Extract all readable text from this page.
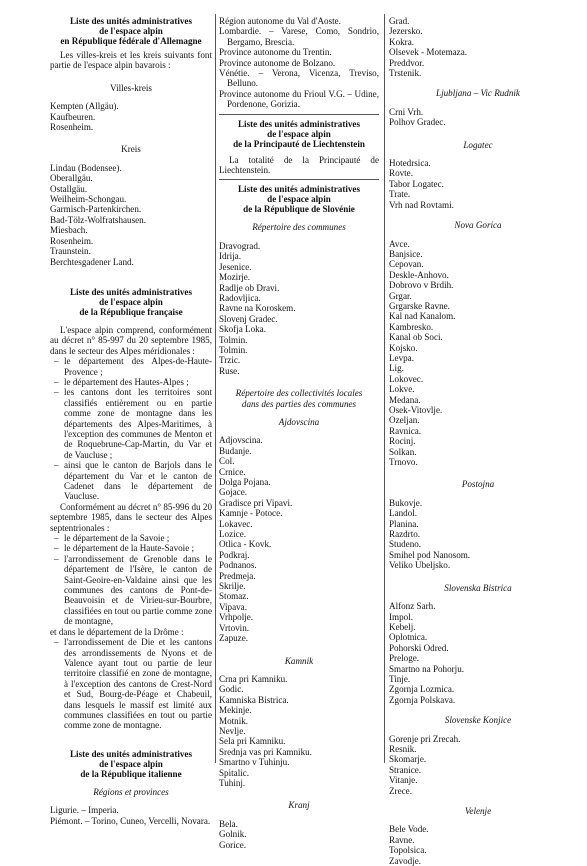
Liste des unités administratives
de l'espace alpin
en République fédérale d'Allemagne
Les villes-kreis et les kreis suivants font partie de l'espace alpin bavarois :
Villes-kreis
Kempten (Allgäu).
Kaufbeuren.
Rosenheim.
Kreis
Lindau (Bodensee).
Oberallgäu.
Ostallgäu.
Weilheim-Schongau.
Garmisch-Partenkirchen.
Bad-Tölz-Wolfratshausen.
Miesbach.
Rosenheim.
Traunstein.
Berchtesgadener Land.
Liste des unités administratives
de l'espace alpin
de la République française
L'espace alpin comprend, conformément au décret n° 85-997 du 20 septembre 1985, dans le secteur des Alpes méridionales :
– le département des Alpes-de-Haute-Provence ;
– le département des Hautes-Alpes ;
– les cantons dont les territoires sont classifiés entièrement ou en partie comme zone de montagne dans les départements des Alpes-Maritimes, à l'exception des communes de Menton et de Roquebrune-Cap-Martin, du Var et de Vaucluse ;
– ainsi que le canton de Barjols dans le département du Var et le canton de Cadenet dans le département de Vaucluse.
Conformément au décret n° 85-996 du 20 septembre 1985, dans le secteur des Alpes septentrionales :
– le département de la Savoie ;
– le département de la Haute-Savoie ;
– l'arrondissement de Grenoble dans le département de l'Isère, le canton de Saint-Geoire-en-Valdaine ainsi que les communes des cantons de Pont-de-Beauvoisin et de Virieu-sur-Bourbre, classifiées en tout ou partie comme zone de montagne,
et dans le département de la Drôme :
– l'arrondissement de Die et les cantons des arrondissements de Nyons et de Valence ayant tout ou partie de leur territoire classifié en zone de montagne, à l'exception des cantons de Crest-Nord et Sud, Bourg-de-Péage et Chabeuil, dans lesquels le massif est limité aux communes classifiées en tout ou partie comme zone de montagne.
Liste des unités administratives
de l'espace alpin
de la République italienne
Régions et provinces
Ligurie. – Imperia.
Piémont. – Torino, Cuneo, Vercelli, Novara.
Région autonome du Val d'Aoste.
Lombardie. – Varese, Como, Sondrio, Bergamo, Brescia.
Province autonome du Trentin.
Province autonome de Bolzano.
Vénétie. – Verona, Vicenza, Treviso, Belluno.
Province autonome du Frioul V.G. – Udine, Pordenone, Gorizia.
Liste des unités administratives
de l'espace alpin
de la Principauté de Liechtenstein
La totalité de la Principauté de Liechtenstein.
Liste des unités administratives
de l'espace alpin
de la République de Slovénie
Répertoire des communes
Dravograd.
Idrija.
Jesenice.
Mozirje.
Radlje ob Dravi.
Radovljica.
Ravne na Koroskem.
Slovenj Gradec.
Skofja Loka.
Tolmin.
Tolmin.
Trzic.
Ruse.
Répertoire des collectivités locales
dans des parties des communes
Ajdovscina
Adjovscina.
Budanje.
Col.
Crnice.
Dolga Pojana.
Gojace.
Gradisce pri Vipavi.
Kamnje - Potoce.
Lokavec.
Lozice.
Otlica - Kovk.
Podkraj.
Podnanos.
Predmeja.
Skrilje.
Stomaz.
Vipava.
Vrhpolje.
Vrtovin.
Zapuze.
Kamnik
Crna pri Kamniku.
Godic.
Kamniska Bistrica.
Mekinje.
Motnik.
Nevlje.
Sela pri Kamniku.
Srednja vas pri Kamniku.
Smartno v Tuhinju.
Spitalic.
Tuhinj.
Kranj
Bela.
Golnik.
Gorice.
Grad.
Jezersko.
Kokra.
Olsevek - Motemaza.
Preddvor.
Trstenik.
Ljubljana – Vic Rudnik
Crni Vrh.
Polhov Gradec.
Logatec
Hotedrsica.
Rovte.
Tabor Logatec.
Trate.
Vrh nad Rovtami.
Nova Gorica
Avce.
Banjsice.
Cepovan.
Deskle-Anhovo.
Dobrovo v Brdih.
Grgar.
Grgarske Ravne.
Kal nad Kanalom.
Kambresko.
Kanal ob Soci.
Kojsko.
Levpa.
Lig.
Lokovec.
Lokve.
Medana.
Osek-Vitovlje.
Ozeljan.
Ravnica.
Rocinj.
Solkan.
Trnovo.
Postojna
Bukovje.
Landol.
Planina.
Razdrto.
Studeno.
Smihel pod Nanosom.
Veliko Ubeljsko.
Slovenska Bistrica
Alfonz Sarh.
Impol.
Kebelj.
Oplotnica.
Pohorski Odred.
Preloge.
Smartno na Pohorju.
Tinje.
Zgornja Lozmica.
Zgornja Polskava.
Slovenske Konjice
Gorenje pri Zrecah.
Resnik.
Skomarje.
Stranice.
Vitanje.
Zrece.
Velenje
Bele Vode.
Ravne.
Topolsica.
Zavodje.
